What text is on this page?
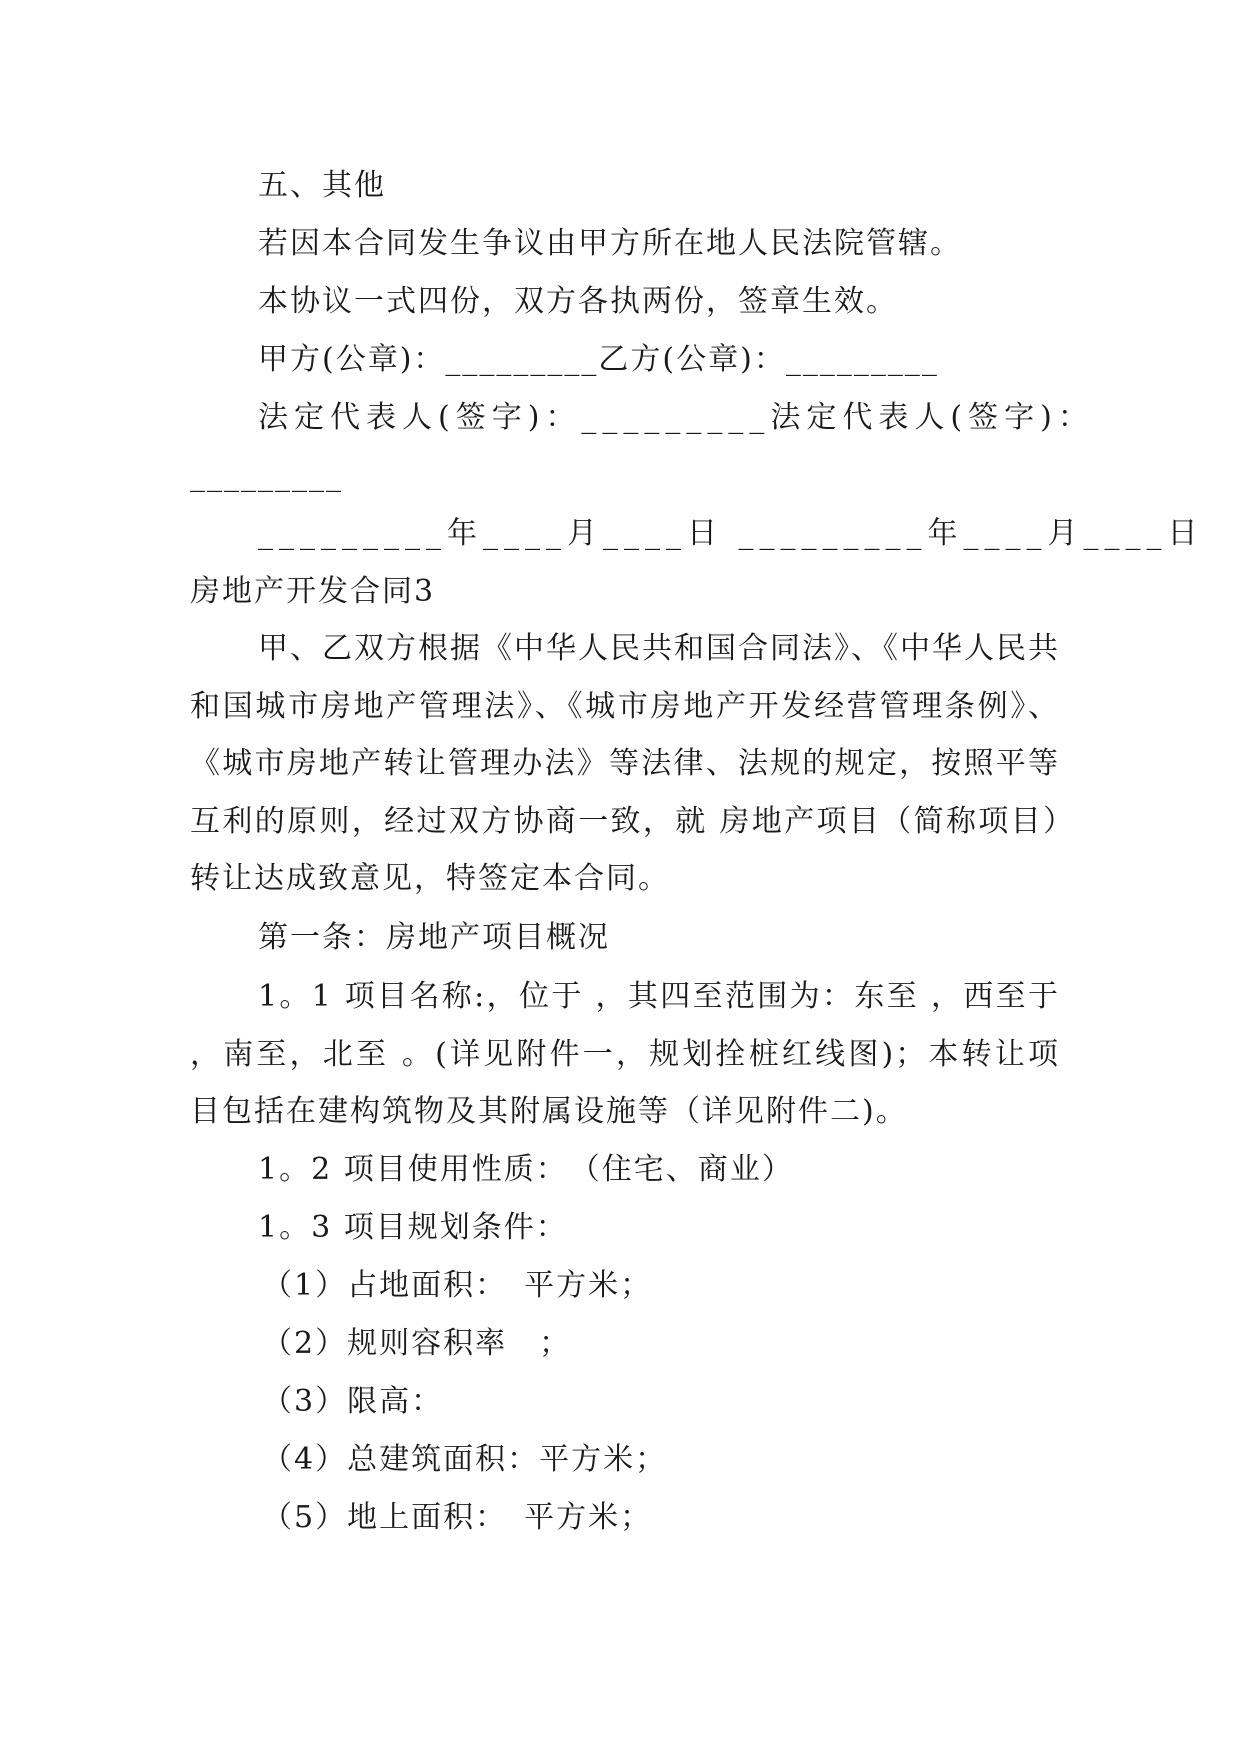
五、其他
若因本合同发生争议由甲方所在地人民法院管辖。
本协议一式四份，双方各执两份，签章生效。
甲方(公章)：_________乙方(公章)：_________
法定代表人(签字)：_________法定代表人(签字)：
_________
_________年____月____日 _________年____月____日
房地产开发合同3

甲、乙双方根据《中华人民共和国合同法》、《中华人民共和国城市房地产管理法》、《城市房地产开发经营管理条例》、《城市房地产转让管理办法》等法律、法规的规定，按照平等互利的原则，经过双方协商一致，就 房地产项目（简称项目）转让达成致意见，特签定本合同。

第一条：房地产项目概况

1。1 项目名称:，位于 ，其四至范围为：东至 ，西至于 ，南至，北至 。(详见附件一，规划拴桩红线图)；本转让项目包括在建构筑物及其附属设施等（详见附件二)。

1。2 项目使用性质：　（住宅、商业）
1。3 项目规划条件：
（1）占地面积：　平方米；
（2）规则容积率　；
（3）限高：
（4）总建筑面积：平方米；
（5）地上面积：　平方米；
